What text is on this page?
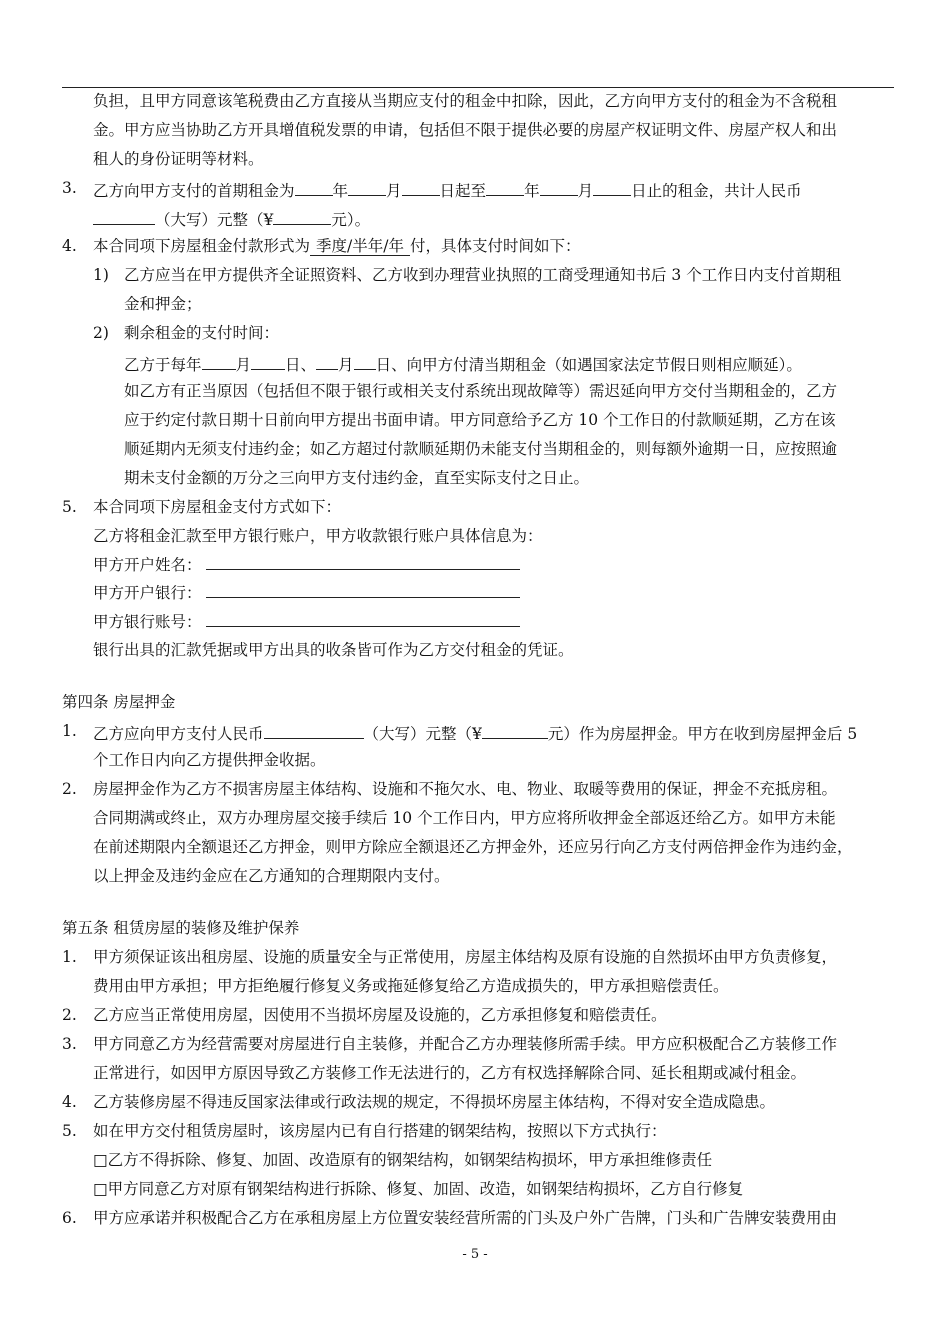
负担，且甲方同意该笔税费由乙方直接从当期应支付的租金中扣除，因此，乙方向甲方支付的租金为不含税租
金。甲方应当协助乙方开具增值税发票的申请，包括但不限于提供必要的房屋产权证明文件、房屋产权人和出
租人的身份证明等材料。
3. 乙方向甲方支付的首期租金为 年 月 日起至 年 月 日止的租金，共计人民币
（大写）元整（¥	元）。
4. 本合同项下房屋租金付款形式为 季度/半年/年 付，具体支付时间如下：
1) 乙方应当在甲方提供齐全证照资料、乙方收到办理营业执照的工商受理通知书后 3 个工作日内支付首期租
金和押金；
2) 剩余租金的支付时间：
乙方于每年 月 日、 月 日、向甲方付清当期租金（如遇国家法定节假日则相应顺延）。
如乙方有正当原因（包括但不限于银行或相关支付系统出现故障等）需迟延向甲方交付当期租金的，乙方
应于约定付款日期十日前向甲方提出书面申请。甲方同意给予乙方 10 个工作日的付款顺延期，乙方在该
顺延期内无须支付违约金；如乙方超过付款顺延期仍未能支付当期租金的，则每额外逾期一日，应按照逾
期未支付金额的万分之三向甲方支付违约金，直至实际支付之日止。
5. 本合同项下房屋租金支付方式如下：
乙方将租金汇款至甲方银行账户，甲方收款银行账户具体信息为：
甲方开户姓名：
甲方开户银行：
甲方银行账号：
银行出具的汇款凭据或甲方出具的收条皆可作为乙方交付租金的凭证。
第四条 房屋押金
1. 乙方应向甲方支付人民币	（大写）元整（¥	元）作为房屋押金。甲方在收到房屋押金后 5
个工作日内向乙方提供押金收据。
2. 房屋押金作为乙方不损害房屋主体结构、设施和不拖欠水、电、物业、取暖等费用的保证，押金不充抵房租。
合同期满或终止，双方办理房屋交接手续后 10 个工作日内，甲方应将所收押金全部返还给乙方。如甲方未能
在前述期限内全额退还乙方押金，则甲方除应全额退还乙方押金外，还应另行向乙方支付两倍押金作为违约金，
以上押金及违约金应在乙方通知的合理期限内支付。
第五条 租赁房屋的装修及维护保养
1. 甲方须保证该出租房屋、设施的质量安全与正常使用，房屋主体结构及原有设施的自然损坏由甲方负责修复，
费用由甲方承担；甲方拒绝履行修复义务或拖延修复给乙方造成损失的，甲方承担赔偿责任。
2. 乙方应当正常使用房屋，因使用不当损坏房屋及设施的，乙方承担修复和赔偿责任。
3. 甲方同意乙方为经营需要对房屋进行自主装修，并配合乙方办理装修所需手续。甲方应积极配合乙方装修工作
正常进行，如因甲方原因导致乙方装修工作无法进行的，乙方有权选择解除合同、延长租期或减付租金。
4. 乙方装修房屋不得违反国家法律或行政法规的规定，不得损坏房屋主体结构，不得对安全造成隐患。
5. 如在甲方交付租赁房屋时，该房屋内已有自行搭建的钢架结构，按照以下方式执行：
□乙方不得拆除、修复、加固、改造原有的钢架结构，如钢架结构损坏，甲方承担维修责任
□甲方同意乙方对原有钢架结构进行拆除、修复、加固、改造，如钢架结构损坏，乙方自行修复
6. 甲方应承诺并积极配合乙方在承租房屋上方位置安装经营所需的门头及户外广告牌，门头和广告牌安装费用由
- 5 -
